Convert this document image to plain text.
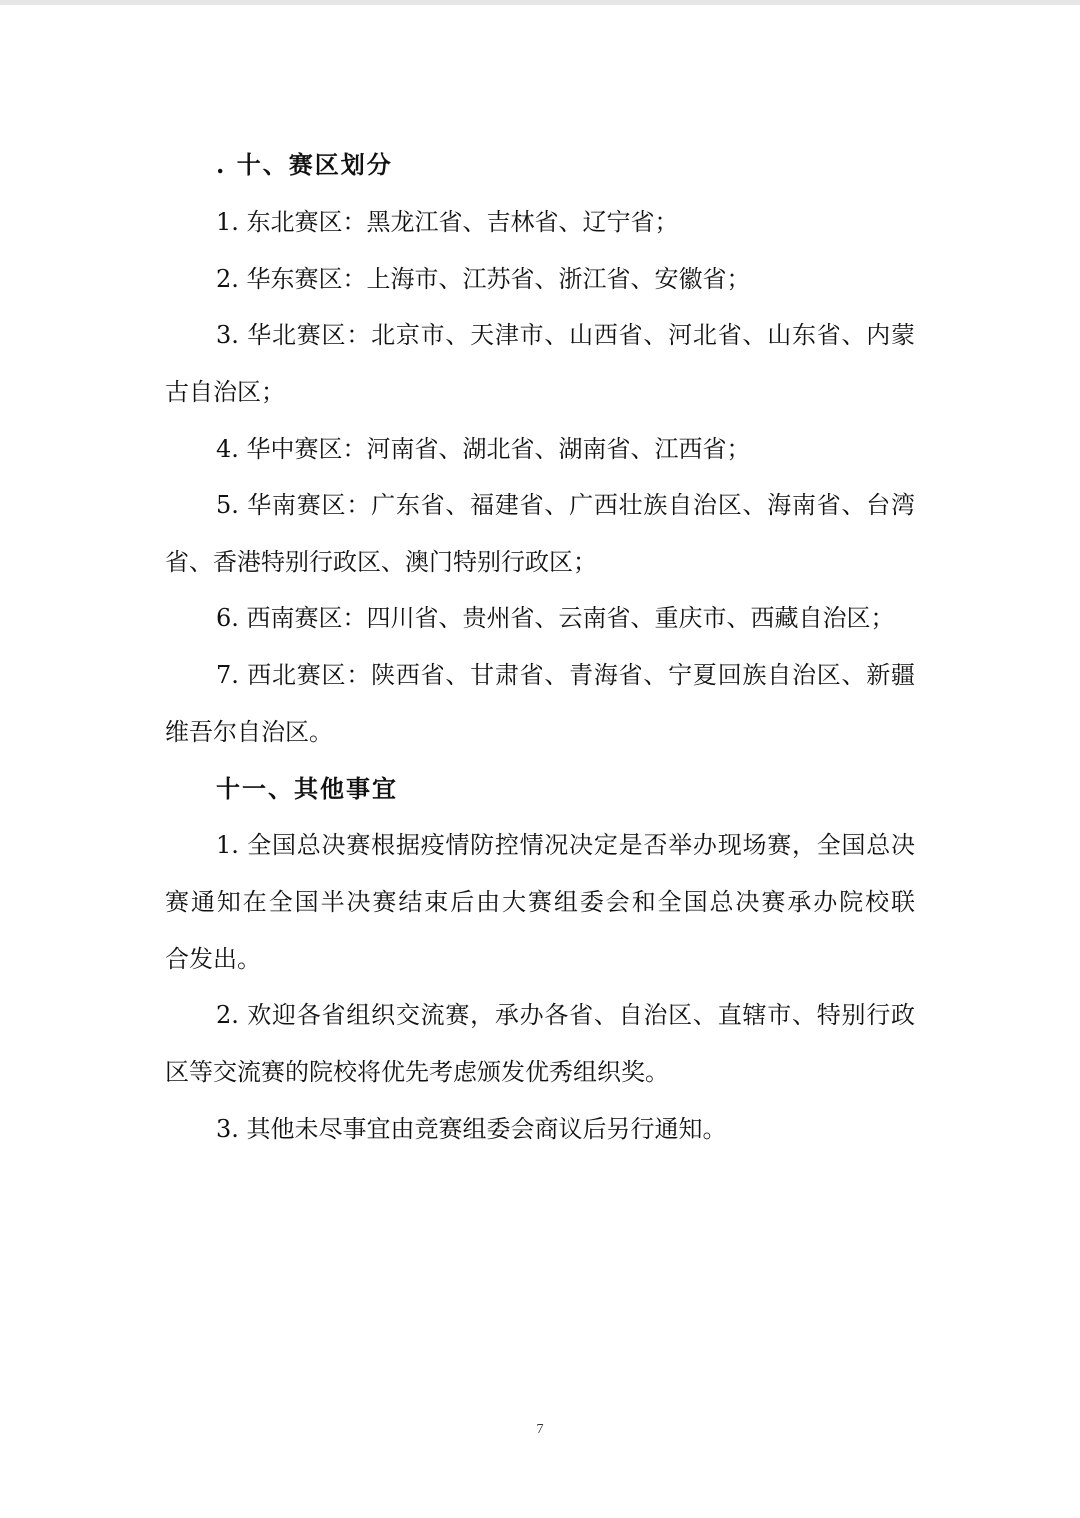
. 十、赛区划分
1. 东北赛区：黑龙江省、吉林省、辽宁省；
2. 华东赛区：上海市、江苏省、浙江省、安徽省；
3. 华北赛区：北京市、天津市、山西省、河北省、山东省、内蒙
古自治区；
4. 华中赛区：河南省、湖北省、湖南省、江西省；
5. 华南赛区：广东省、福建省、广西壮族自治区、海南省、台湾
省、香港特别行政区、澳门特别行政区；
6. 西南赛区：四川省、贵州省、云南省、重庆市、西藏自治区；
7. 西北赛区：陕西省、甘肃省、青海省、宁夏回族自治区、新疆
维吾尔自治区。
十一、其他事宜
1. 全国总决赛根据疫情防控情况决定是否举办现场赛，全国总决
赛通知在全国半决赛结束后由大赛组委会和全国总决赛承办院校联
合发出。
2. 欢迎各省组织交流赛，承办各省、自治区、直辖市、特别行政
区等交流赛的院校将优先考虑颁发优秀组织奖。
3. 其他未尽事宜由竞赛组委会商议后另行通知。
7
